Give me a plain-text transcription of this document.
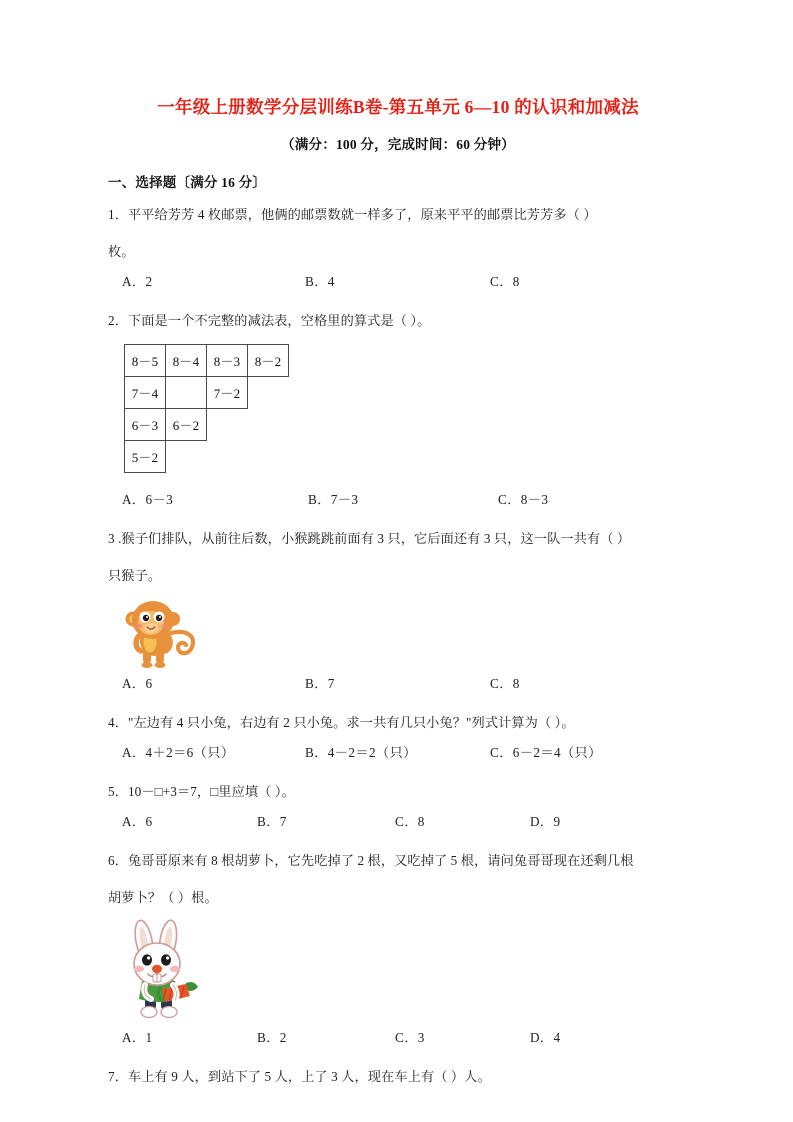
一年级上册数学分层训练B卷-第五单元 6—10 的认识和加减法
（满分：100 分，完成时间：60 分钟）
一、选择题〔满分 16 分〕
1．平平给芳芳 4 枚邮票，他俩的邮票数就一样多了，原来平平的邮票比芳芳多（ ）
枚。
A．2	B．4	C．8
2．下面是一个不完整的减法表，空格里的算式是（ ）。
8－5	8－4	8－3	8－2
7－4		7－2	
6－3	6－2		
5－2			
A．6－3	B．7－3	C．8－3
3 .猴子们排队，从前往后数，小猴跳跳前面有 3 只，它后面还有 3 只，这一队一共有（ ）
只猴子。
A．6	B．7	C．8
4．"左边有 4 只小兔，右边有 2 只小兔。求一共有几只小兔？"列式计算为（ ）。
A．4＋2＝6（只）	B．4－2＝2（只）	C．6－2＝4（只）
5．10－□+3＝7，□里应填（ ）。
A．6	B．7	C．8	D．9
6．兔哥哥原来有 8 根胡萝卜，它先吃掉了 2 根，又吃掉了 5 根，请问兔哥哥现在还剩几根
胡萝卜？（ ）根。
A．1	B．2	C．3	D．4
7．车上有 9 人，到站下了 5 人，上了 3 人，现在车上有（ ）人。
